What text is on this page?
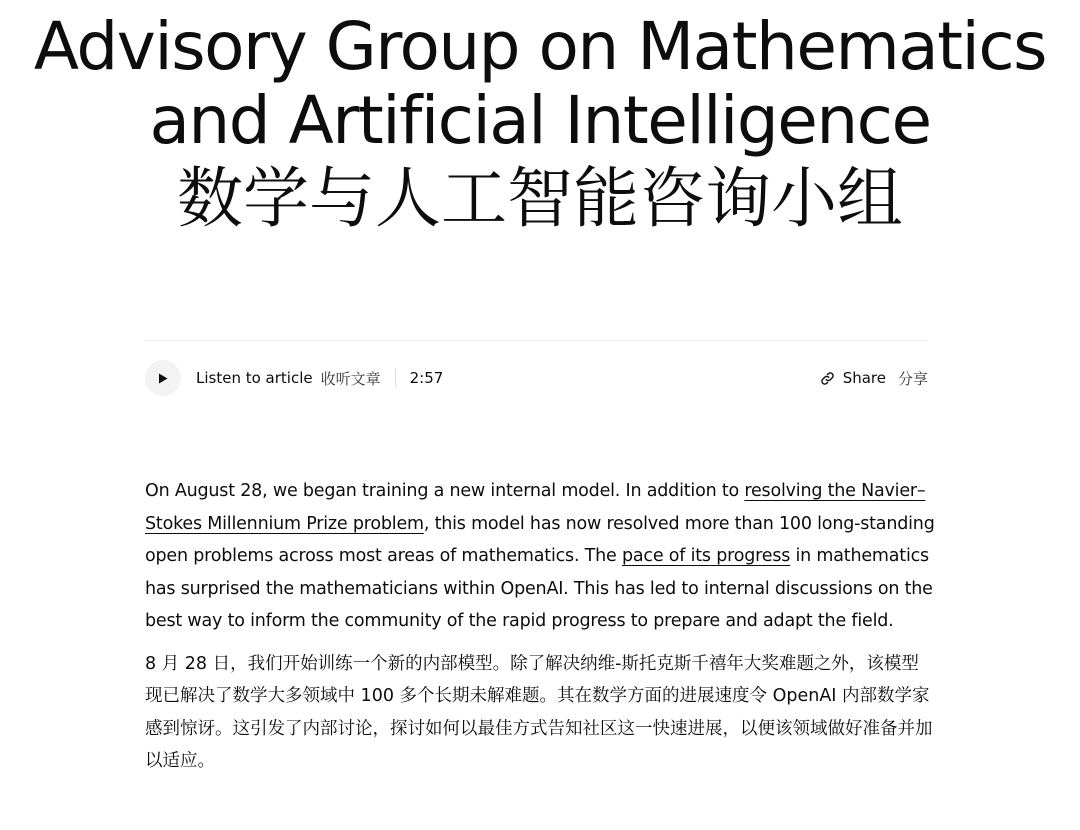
Advisory Group on Mathematics
and Artificial Intelligence
数学与人工智能咨询小组
Listen to article 收听文章 2:57	Share 分享

On August 28, we began training a new internal model. In addition to resolving the Navier–Stokes Millennium Prize problem, this model has now resolved more than 100 long-standing open problems across most areas of mathematics. The pace of its progress in mathematics has surprised the mathematicians within OpenAI. This has led to internal discussions on the best way to inform the community of the rapid progress to prepare and adapt the field.

8 月 28 日，我们开始训练一个新的内部模型。除了解决纳维-斯托克斯千禧年大奖难题之外，该模型现已解决了数学大多领域中 100 多个长期未解难题。其在数学方面的进展速度令 OpenAI 内部数学家感到惊讶。这引发了内部讨论，探讨如何以最佳方式告知社区这一快速进展，以便该领域做好准备并加以适应。
